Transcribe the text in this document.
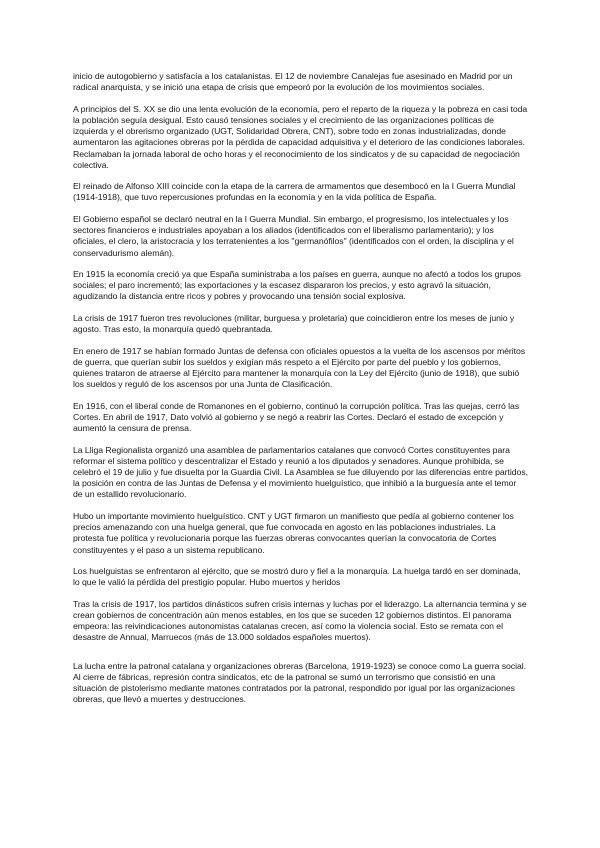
inicio de autogobierno y satisfacía a los catalanistas. El 12 de noviembre Canalejas fue asesinado en Madrid por un radical anarquista, y se inició una etapa de crisis que empeoró por la evolución de los movimientos sociales.

A principios del S. XX se dio una lenta evolución de la economía, pero el reparto de la riqueza y la pobreza en casi toda la población seguía desigual. Esto causó tensiones sociales y el crecimiento de las organizaciones políticas de izquierda y el obrerismo organizado (UGT, Solidaridad Obrera, CNT), sobre todo en zonas industrializadas, donde aumentaron las agitaciones obreras por la pérdida de capacidad adquisitiva y el deterioro de las condiciones laborales. Reclamaban la jornada laboral de ocho horas y el reconocimiento de los sindicatos y de su capacidad de negociación colectiva.

El reinado de Alfonso XIII coincide con la etapa de la carrera de armamentos que desembocó en la I Guerra Mundial (1914-1918), que tuvo repercusiones profundas en la economía y en la vida política de España.

El Gobierno español se declaró neutral en la I Guerra Mundial. Sin embargo, el progresismo, los intelectuales y los sectores financieros e industriales apoyaban a los aliados (identificados con el liberalismo parlamentario); y los oficiales, el clero, la aristocracia y los terratenientes a los "germanófilos" (identificados con el orden, la disciplina y el conservadurismo alemán).

En 1915 la economía creció ya que España suministraba a los países en guerra, aunque no afectó a todos los grupos sociales; el paro incrementó; las exportaciones y la escasez dispararon los precios, y esto agravó la situación, agudizando la distancia entre ricos y pobres y provocando una tensión social explosiva.

La crisis de 1917 fueron tres revoluciones (militar, burguesa y proletaria) que coincidieron entre los meses de junio y agosto. Tras esto, la monarquía quedó quebrantada.

En enero de 1917 se habían formado Juntas de defensa con oficiales opuestos a la vuelta de los ascensos por méritos de guerra, que querían subir los sueldos y exigían más respeto a el Ejército por parte del pueblo y los gobiernos, quienes trataron de atraerse al Ejército para mantener la monarquía con la Ley del Ejército (junio de 1918), que subió los sueldos y reguló de los ascensos por una Junta de Clasificación.

En 1916, con el liberal conde de Romanones en el gobierno, continuó la corrupción política. Tras las quejas, cerró las Cortes. En abril de 1917, Dato volvió al gobierno y se negó a reabrir las Cortes. Declaró el estado de excepción y aumentó la censura de prensa.

La Lliga Regionalista organizó una asamblea de parlamentarios catalanes que convocó Cortes constituyentes para reformar el sistema político y descentralizar el Estado y reunió a los diputados y senadores. Aunque prohibida, se celebró el 19 de julio y fue disuelta por la Guardia Civil. La Asamblea se fue diluyendo por las diferencias entre partidos, la posición en contra de las Juntas de Defensa y el movimiento huelguístico, que inhibió a la burguesía ante el temor de un estallido revolucionario.

Hubo un importante movimiento huelguístico. CNT y UGT firmaron un manifiesto que pedía al gobierno contener los precios amenazando con una huelga general, que fue convocada en agosto en las poblaciones industriales. La protesta fue política y revolucionaria porque las fuerzas obreras convocantes querían la convocatoria de Cortes constituyentes y el paso a un sistema republicano.

Los huelguistas se enfrentaron al ejército, que se mostró duro y fiel a la monarquía. La huelga tardó en ser dominada, lo que le valió la pérdida del prestigio popular. Hubo muertos y heridos

Tras la crisis de 1917, los partidos dinásticos sufren crisis internas y luchas por el liderazgo. La alternancia termina y se crean gobiernos de concentración aún menos estables, en los que se suceden 12 gobiernos distintos. El panorama empeora: las reivindicaciones autonomistas catalanas crecen, así como la violencia social. Esto se remata con el desastre de Annual, Marruecos (más de 13.000 soldados españoles muertos).

La lucha entre la patronal catalana y organizaciones obreras (Barcelona, 1919-1923) se conoce como La guerra social. Al cierre de fábricas, represión contra sindicatos, etc de la patronal se sumó un terrorismo que consistió en una situación de pistolerismo mediante matones contratados por la patronal, respondido por igual por las organizaciones obreras, que llevó a muertes y destrucciones.
